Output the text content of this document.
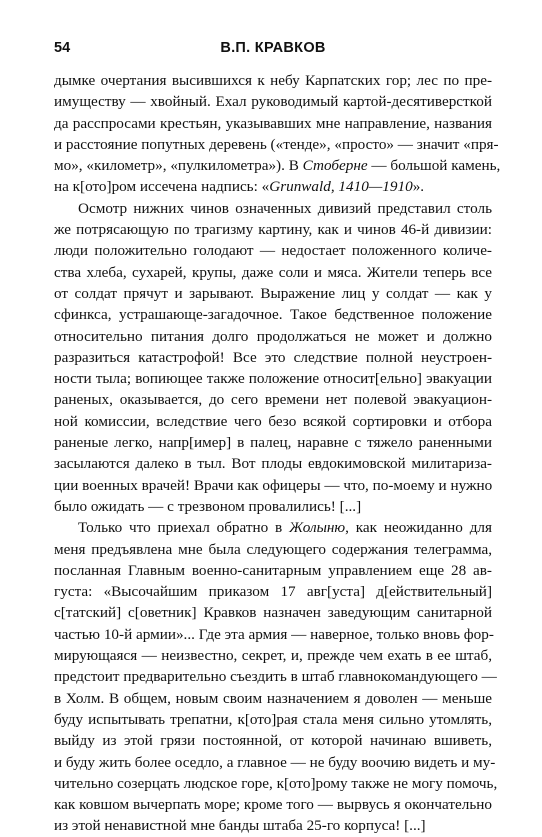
54	В.П. КРАВКОВ
дымке очертания высившихся к небу Карпатских гор; лес по пре-
имуществу — хвойный. Ехал руководимый картой-десятиверсткой
да расспросами крестьян, указывавших мне направление, названия
и расстояние попутных деревень («тенде», «просто» — значит «пря-
мо», «километр», «пулкилометра»). В Стоберне — большой камень,
на к[ото]ром иссечена надпись: «Grunwald, 1410—1910».
Осмотр нижних чинов означенных дивизий представил столь
же потрясающую по трагизму картину, как и чинов 46-й дивизии:
люди положительно голодают — недостает положенного количе-
ства хлеба, сухарей, крупы, даже соли и мяса. Жители теперь все
от солдат прячут и зарывают. Выражение лиц у солдат — как у
сфинкса, устрашающе-загадочное. Такое бедственное положение
относительно питания долго продолжаться не может и должно
разразиться катастрофой! Все это следствие полной неустроен-
ности тыла; вопиющее также положение относит[ельно] эвакуации
раненых, оказывается, до сего времени нет полевой эвакуацион-
ной комиссии, вследствие чего безо всякой сортировки и отбора
раненые легко, напр[имер] в палец, наравне с тяжело раненными
засылаются далеко в тыл. Вот плоды евдокимовской милитаризa-
ции военных врачей! Врачи как офицеры — что, по-моему и нужно
было ожидать — с трезвоном провалились! [...]
Только что приехал обратно в Жолыню, как неожиданно для
меня предъявлена мне была следующего содержания телеграмма,
посланная Главным военно-санитарным управлением еще 28 ав-
густа: «Высочайшим приказом 17 авг[уста] д[ействительный]
с[татский] с[оветник] Кравков назначен заведующим санитарной
частью 10-й армии»... Где эта армия — наверное, только вновь фор-
мирующаяся — неизвестно, секрет, и, прежде чем ехать в ее штаб,
предстоит предварительно съездить в штаб главнокомандующего —
в Холм. В общем, новым своим назначением я доволен — меньше
буду испытывать трепатни, к[ото]рая стала меня сильно утомлять,
выйду из этой грязи постоянной, от которой начинаю вшиветь,
и буду жить более оседло, а главное — не буду воочию видеть и му-
чительно созерцать людское горе, к[ото]рому также не могу помочь,
как ковшом вычерпать море; кроме того — вырвусь я окончательно
из этой ненавистной мне банды штаба 25-го корпуса! [...]
